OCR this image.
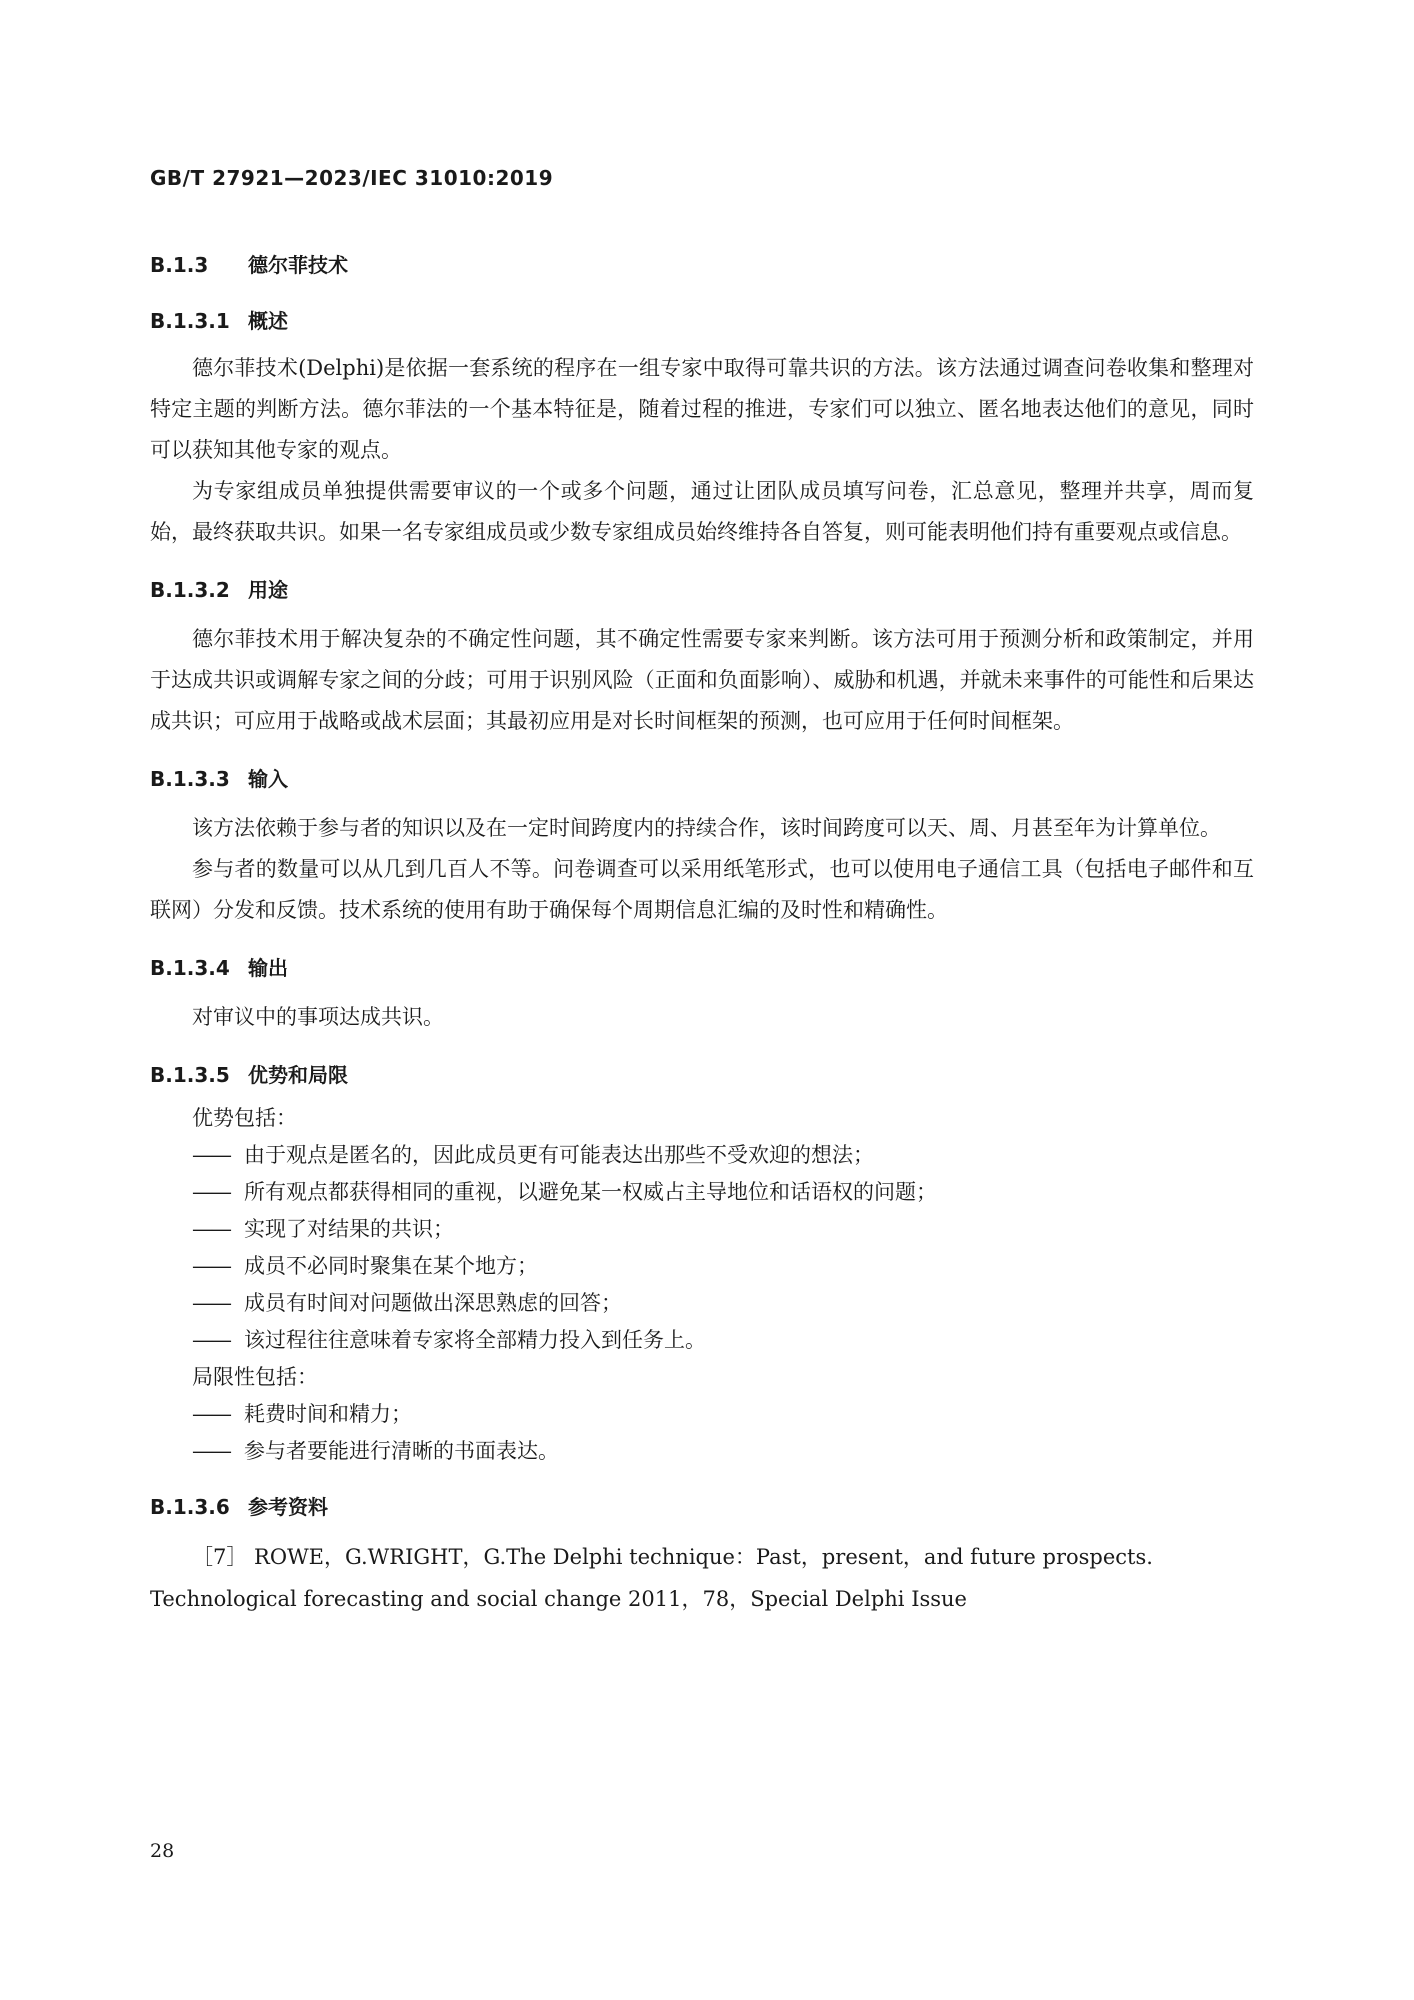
GB/T 27921—2023/IEC 31010:2019
B.1.3 德尔菲技术
B.1.3.1 概述

德尔菲技术(Delphi)是依据一套系统的程序在一组专家中取得可靠共识的方法。该方法通过调查问卷收集和整理对特定主题的判断方法。德尔菲法的一个基本特征是，随着过程的推进，专家们可以独立、匿名地表达他们的意见，同时可以获知其他专家的观点。

为专家组成员单独提供需要审议的一个或多个问题，通过让团队成员填写问卷，汇总意见，整理并共享，周而复始，最终获取共识。如果一名专家组成员或少数专家组成员始终维持各自答复，则可能表明他们持有重要观点或信息。

B.1.3.2 用途

德尔菲技术用于解决复杂的不确定性问题，其不确定性需要专家来判断。该方法可用于预测分析和政策制定，并用于达成共识或调解专家之间的分歧；可用于识别风险（正面和负面影响）、威胁和机遇，并就未来事件的可能性和后果达成共识；可应用于战略或战术层面；其最初应用是对长时间框架的预测，也可应用于任何时间框架。

B.1.3.3 输入

该方法依赖于参与者的知识以及在一定时间跨度内的持续合作，该时间跨度可以天、周、月甚至年为计算单位。

参与者的数量可以从几到几百人不等。问卷调查可以采用纸笔形式，也可以使用电子通信工具（包括电子邮件和互联网）分发和反馈。技术系统的使用有助于确保每个周期信息汇编的及时性和精确性。

B.1.3.4 输出

对审议中的事项达成共识。

B.1.3.5 优势和局限

优势包括：

—— 由于观点是匿名的，因此成员更有可能表达出那些不受欢迎的想法；

—— 所有观点都获得相同的重视，以避免某一权威占主导地位和话语权的问题；

—— 实现了对结果的共识；

—— 成员不必同时聚集在某个地方；

—— 成员有时间对问题做出深思熟虑的回答；

—— 该过程往往意味着专家将全部精力投入到任务上。

局限性包括：

—— 耗费时间和精力；

—— 参与者要能进行清晰的书面表达。

B.1.3.6 参考资料

［7］ ROWE，G.WRIGHT，G.The Delphi technique：Past，present，and future prospects.

Technological forecasting and social change 2011，78，Special Delphi Issue

28
